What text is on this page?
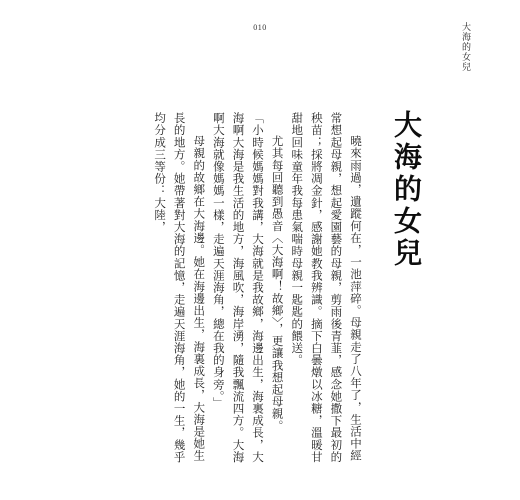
010	大海的女兒
大海的女兒

曉來雨過，遺蹤何在，一池萍碎。母親走了八年了，生活中經常想起母親，想起愛園藝的母親，剪雨後青韮，感念她撒下最初的秧苗；採將凋金針，感謝她教我辨識。摘下白曇燉以冰糖，溫暖甘甜地回味童年我每患氣喘時母親一匙匙的餵送。

尤其每回聽到愚音〈大海啊！故鄉〉，更讓我想起母親。

「小時候媽媽對我講，大海就是我故鄉，海邊出生，海裏成長，大海啊大海是我生活的地方，海風吹，海岸湧，隨我飄流四方。大海啊大海就像媽媽一樣，走遍天涯海角，總在我的身旁。」

母親的故鄉在大海邊。她在海邊出生，海裏成長，大海是她生長的地方。她帶著對大海的記憶，走遍天涯海角，她的一生，幾乎均分成三等份：大陸，
